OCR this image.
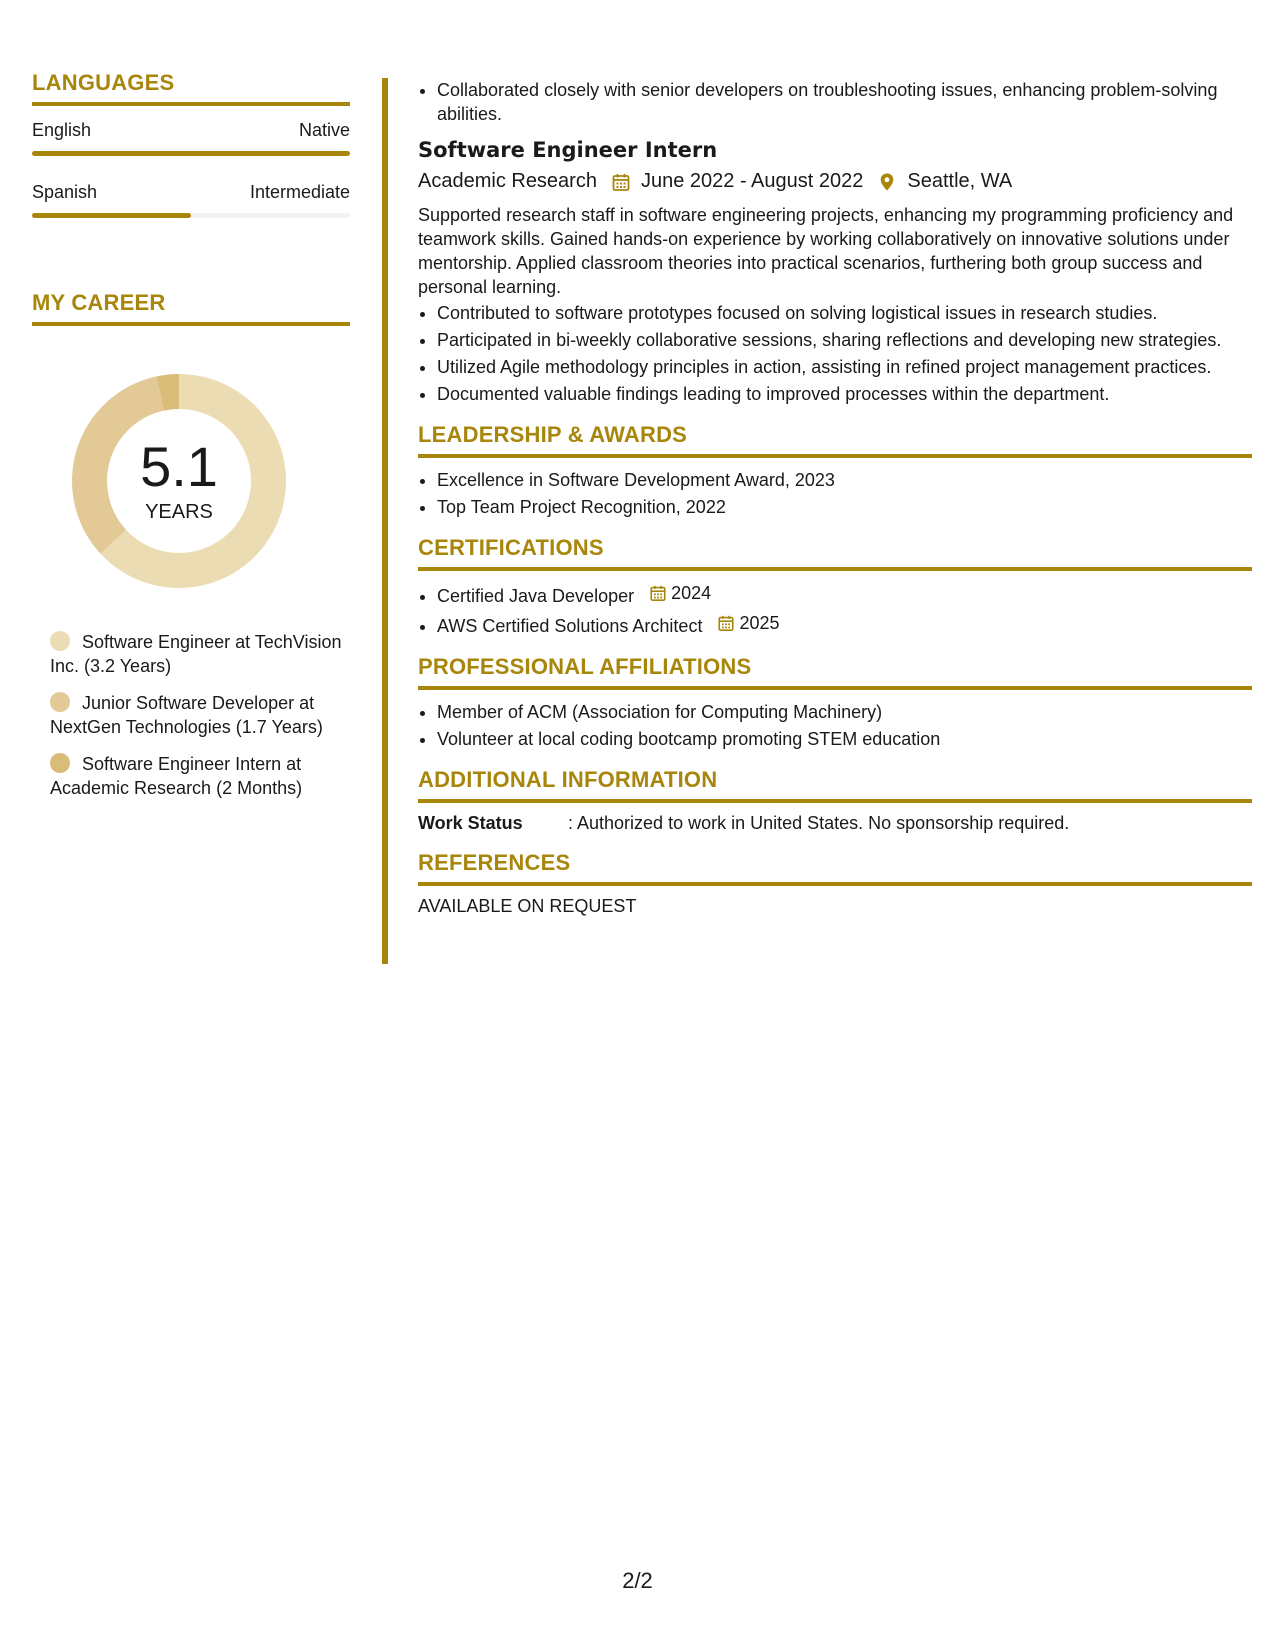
LANGUAGES
English	Native
Spanish	Intermediate
MY CAREER
5.1
YEARS
Software Engineer at TechVision Inc. (3.2 Years)
Junior Software Developer at NextGen Technologies (1.7 Years)
Software Engineer Intern at Academic Research (2 Months)
• Collaborated closely with senior developers on troubleshooting issues, enhancing problem-solving abilities.
Software Engineer Intern
Academic Research June 2022 - August 2022 Seattle, WA
Supported research staff in software engineering projects, enhancing my programming proficiency and teamwork skills. Gained hands-on experience by working collaboratively on innovative solutions under mentorship. Applied classroom theories into practical scenarios, furthering both group success and personal learning.
• Contributed to software prototypes focused on solving logistical issues in research studies.
• Participated in bi-weekly collaborative sessions, sharing reflections and developing new strategies.
• Utilized Agile methodology principles in action, assisting in refined project management practices.
• Documented valuable findings leading to improved processes within the department.
LEADERSHIP & AWARDS
• Excellence in Software Development Award, 2023
• Top Team Project Recognition, 2022
CERTIFICATIONS
• Certified Java Developer 2024
• AWS Certified Solutions Architect 2025
PROFESSIONAL AFFILIATIONS
• Member of ACM (Association for Computing Machinery)
• Volunteer at local coding bootcamp promoting STEM education
ADDITIONAL INFORMATION
Work Status	: Authorized to work in United States. No sponsorship required.
REFERENCES
AVAILABLE ON REQUEST
2/2
